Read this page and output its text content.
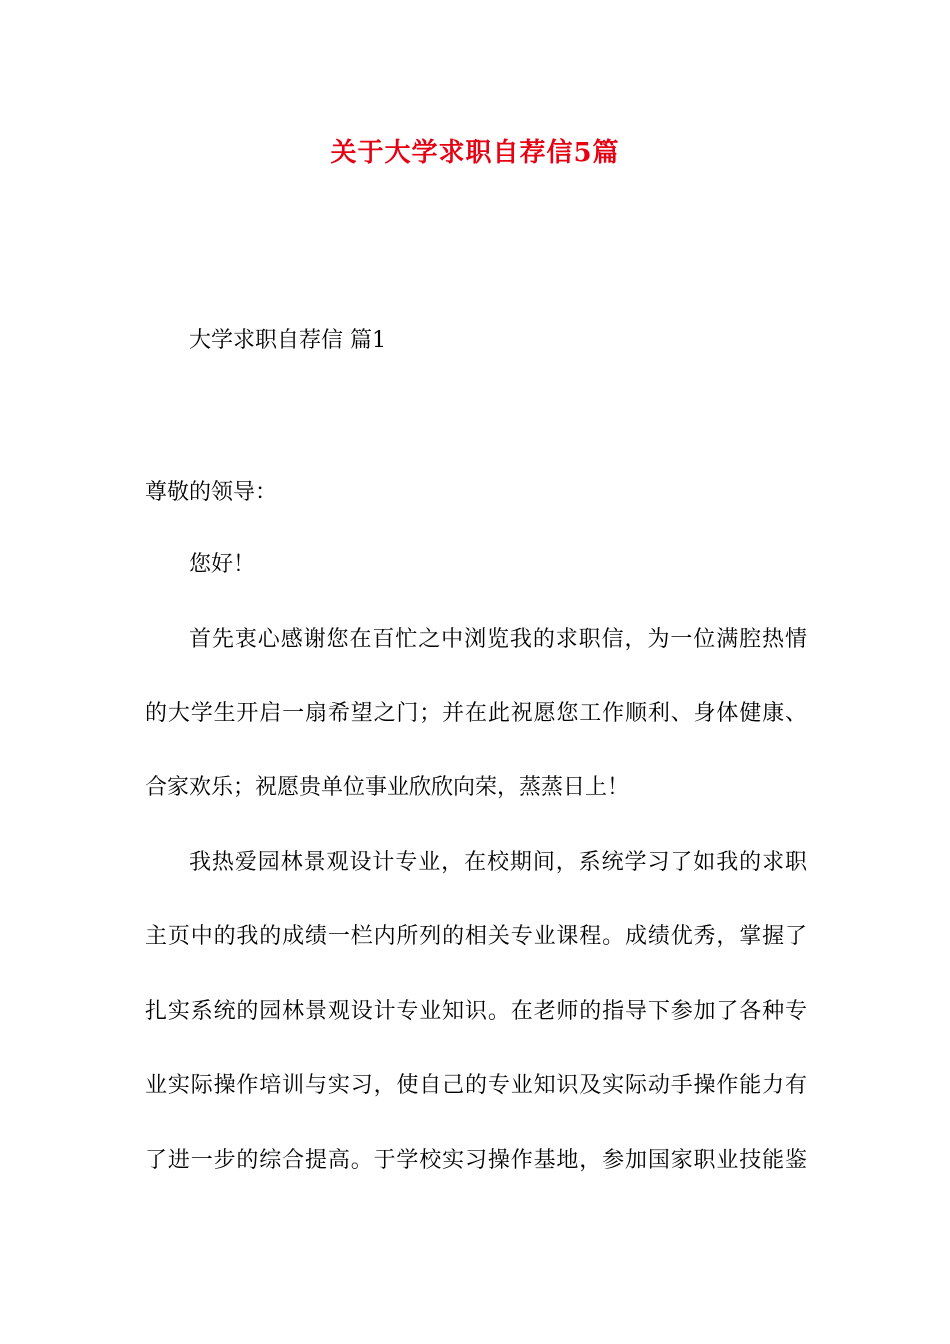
关于大学求职自荐信5篇

大学求职自荐信 篇1

尊敬的领导：

您好！

首先衷心感谢您在百忙之中浏览我的求职信，为一位满腔热情

的大学生开启一扇希望之门；并在此祝愿您工作顺利、身体健康、

合家欢乐；祝愿贵单位事业欣欣向荣，蒸蒸日上！

我热爱园林景观设计专业，在校期间，系统学习了如我的求职

主页中的我的成绩一栏内所列的相关专业课程。成绩优秀，掌握了

扎实系统的园林景观设计专业知识。在老师的指导下参加了各种专

业实际操作培训与实习，使自己的专业知识及实际动手操作能力有

了进一步的综合提高。于学校实习操作基地，参加国家职业技能鉴
